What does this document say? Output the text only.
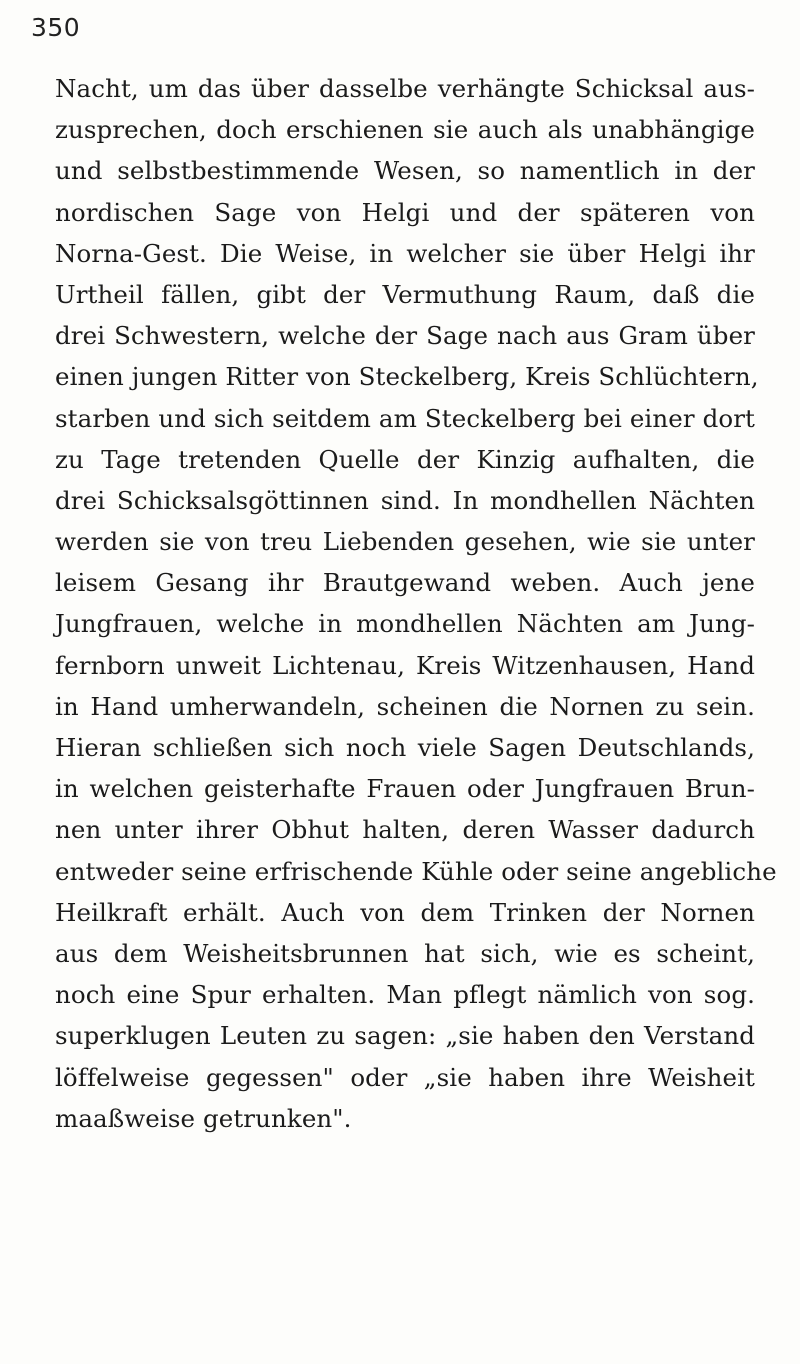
350
Nacht, um das über dasselbe verhängte Schicksal aus-
zusprechen, doch erschienen sie auch als unabhängige
und selbstbestimmende Wesen, so namentlich in der
nordischen Sage von Helgi und der späteren von
Norna-Gest. Die Weise, in welcher sie über Helgi ihr
Urtheil fällen, gibt der Vermuthung Raum, daß die
drei Schwestern, welche der Sage nach aus Gram über
einen jungen Ritter von Steckelberg, Kreis Schlüchtern,
starben und sich seitdem am Steckelberg bei einer dort
zu Tage tretenden Quelle der Kinzig aufhalten, die
drei Schicksalsgöttinnen sind. In mondhellen Nächten
werden sie von treu Liebenden gesehen, wie sie unter
leisem Gesang ihr Brautgewand weben. Auch jene
Jungfrauen, welche in mondhellen Nächten am Jung-
fernborn unweit Lichtenau, Kreis Witzenhausen, Hand
in Hand umherwandeln, scheinen die Nornen zu sein.
Hieran schließen sich noch viele Sagen Deutschlands,
in welchen geisterhafte Frauen oder Jungfrauen Brun-
nen unter ihrer Obhut halten, deren Wasser dadurch
entweder seine erfrischende Kühle oder seine angebliche
Heilkraft erhält. Auch von dem Trinken der Nornen
aus dem Weisheitsbrunnen hat sich, wie es scheint,
noch eine Spur erhalten. Man pflegt nämlich von sog.
superklugen Leuten zu sagen: „sie haben den Verstand
löffelweise gegessen" oder „sie haben ihre Weisheit
maaßweise getrunken".
